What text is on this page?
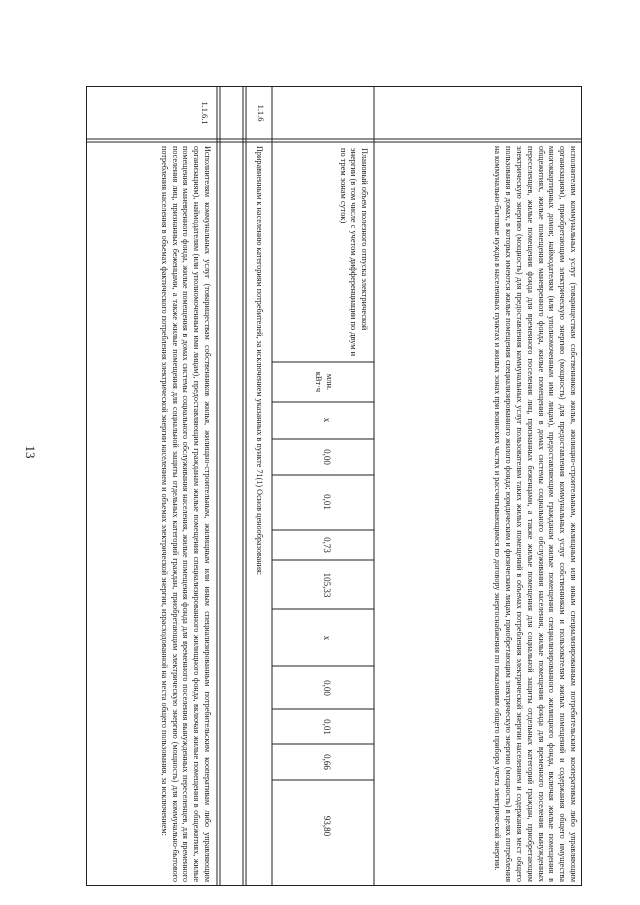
13	исполнителям коммунальных услуг (товариществам собственников жилья, жилищно-строительным, жилищным или иным специализированным потребительским кооперативам либо управляющим организациям), приобретающим электрическую энергию (мощность) для предоставления коммунальных услуг собственникам и пользователям жилых помещений и содержания общего имущества многоквартирных домов; наймодателям (или уполномоченным ими лицам), предоставляющим гражданам жилые помещения специализированного жилищного фонда, включая жилые помещения в общежитиях, жилые помещения маневренного фонда, жилые помещения в домах системы социального обслуживания населения, жилые помещения фонда для временного поселения вынужденных переселенцев, жилые помещения фонда для временного поселения лиц, признанных беженцами, а также жилые помещения для социальной защиты отдельных категорий граждан, приобретающим электрическую энергию (мощность) для предоставления коммунальных услуг пользователям таких жилых помещений в объемах потребления электрической энергии населением и содержания мест общего пользования в домах, в которых имеются жилые помещения специализированного жилого фонда; юридическим и физическим лицам, приобретающим электрическую энергию (мощность) в целях потребления на коммунально-бытовые нужды в населенных пунктах и жилых зонах при воинских частях и рассчитывающимся по договору энергоснабжения по показаниям общего прибора учета электрической энергии.
Плановый объем полезного отпуска электрической энергии (в том числе с учетом дифференциации по двум и по трем зонам суток)
млн. кВт·ч
1.1.6
Приравненным к населению категориям потребителей, за исключением указанных в пункте 71(1) Основ ценообразования:
1.1.6.1
Исполнителям коммунальных услуг (товариществам собственников жилья, жилищно-строительным, жилищным или иным специализированным потребительским кооперативам либо управляющим организациям), наймодателям (или уполномоченным ими лицам), предоставляющим гражданам жилые помещения специализированного жилищного фонда, включая жилые помещения в общежитиях, жилые помещения маневренного фонда, жилые помещения в домах системы социального обслуживания населения, жилые помещения фонда для временного поселения вынужденных переселенцев, для временного поселения лиц, признанных беженцами, а также жилые помещения для социальной защиты отдельных категорий граждан, приобретающим электрическую энергию (мощность) для коммунально-бытового потребления населения в объемах фактического потребления электрической энергии населением и объемах электрической энергии, израсходованной на места общего пользования, за исключением:	х
0,00
0,01
0,73
105,33
х
0,00
0,01
0,66
93,80
